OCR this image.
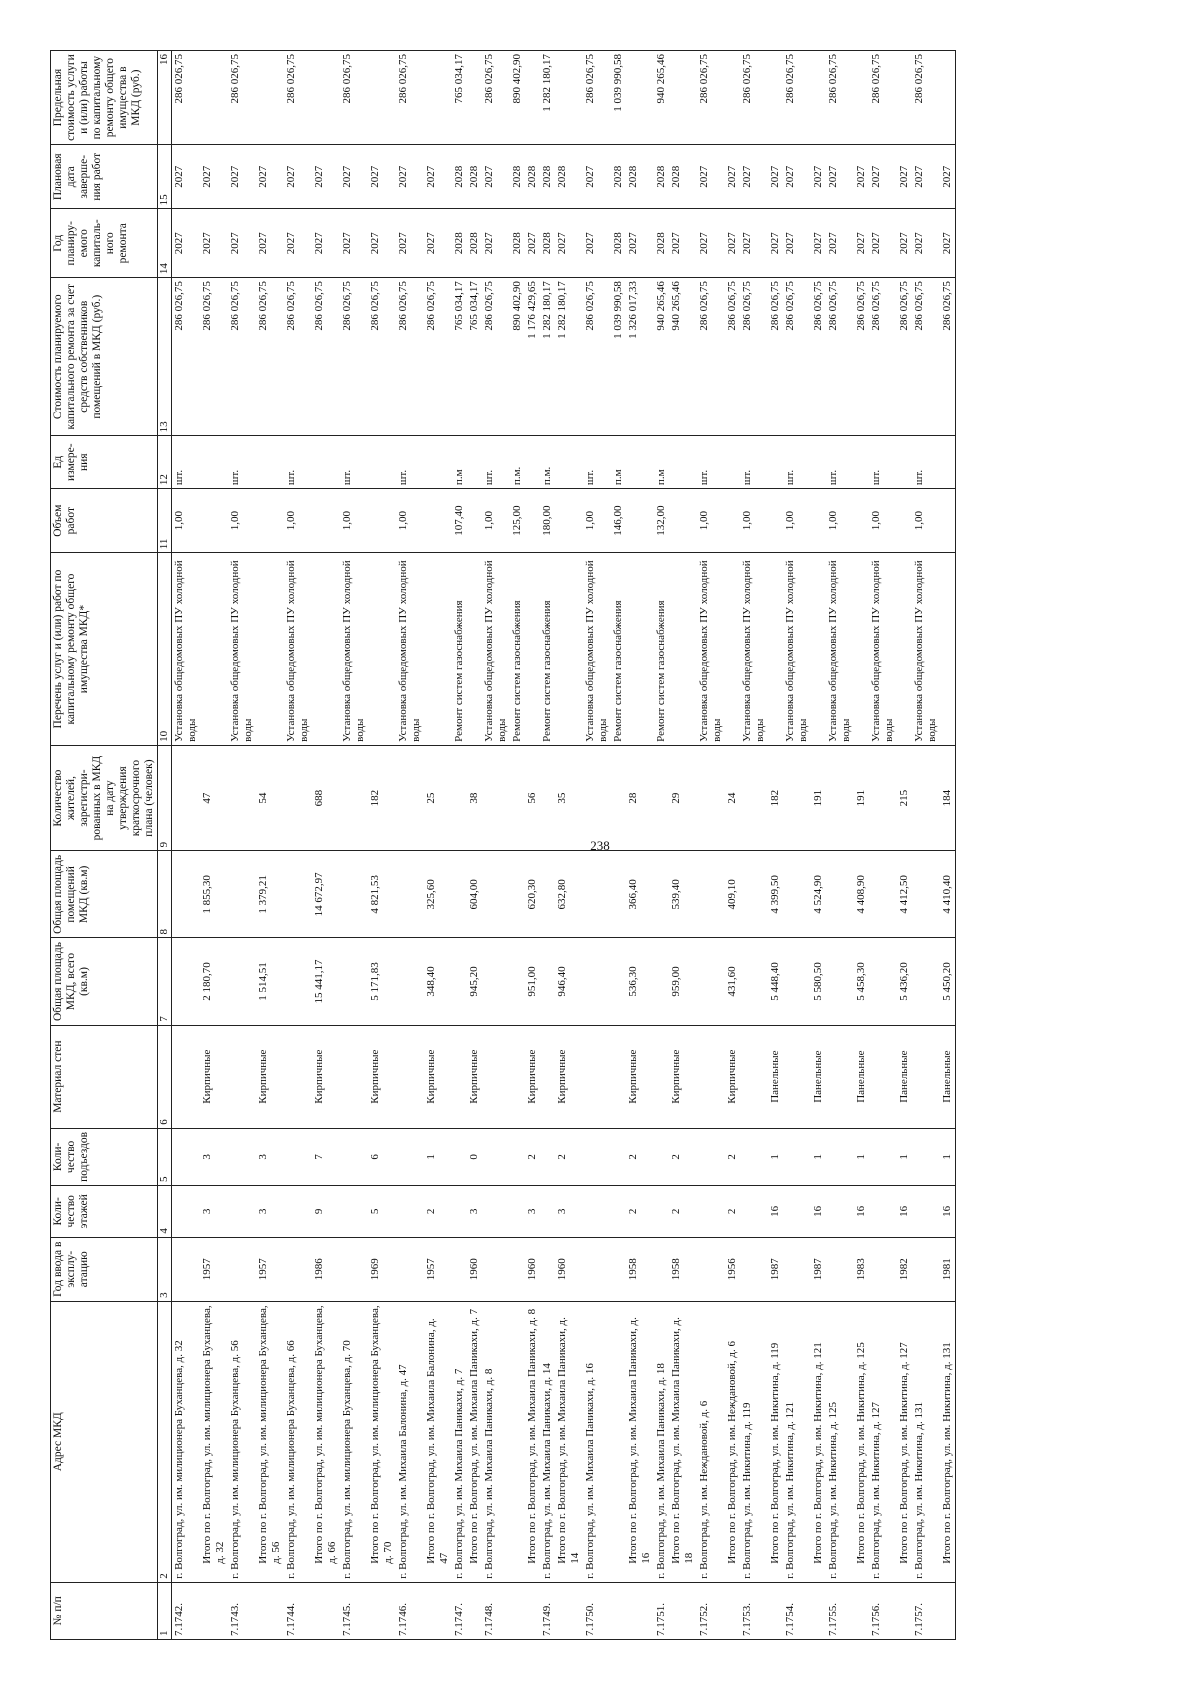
238
№ п/п	Адрес МКД	Год ввода в эксплу-атацию	Коли-чество этажей	Коли-чество подъездов	Материал стен	Общая площадь МКД, всего (кв.м)	Общая площадь помещений МКД (кв.м)	Количество жителей, зарегистри-рованных в МКД на дату утверждения краткосрочного плана (человек)	Перечень услуг и (или) работ по капитальному ремонту общего имущества МКД*	Объем работ	Ед измере-ния	Стоимость планируемого капитального ремонта за счет средств собственников помещений в МКД (руб.)	Год планиру-емого капиталь-ного ремонта	Плановая дата заверше-ния работ	Предельная стоимость услуги и (или) работы по капитальному ремонту общего имущества в МКД (руб.)
1	2	3	4	5	6	7	8	9	10	11	12	13	14	15	16
7.1742.	г. Волгоград, ул. им. милиционера Буханцева, д. 32								Установка общедомовых ПУ холодной воды	1,00	шт.	286 026,75	2027	2027	286 026,75
	Итого по г. Волгоград, ул. им. милиционера Буханцева, д. 32	1957	3	3	Кирпичные	2 180,70	1 855,30	47				286 026,75	2027	2027	
7.1743.	г. Волгоград, ул. им. милиционера Буханцева, д. 56								Установка общедомовых ПУ холодной воды	1,00	шт.	286 026,75	2027	2027	286 026,75
	Итого по г. Волгоград, ул. им. милиционера Буханцева, д. 56	1957	3	3	Кирпичные	1 514,51	1 379,21	54				286 026,75	2027	2027	
7.1744.	г. Волгоград, ул. им. милиционера Буханцева, д. 66								Установка общедомовых ПУ холодной воды	1,00	шт.	286 026,75	2027	2027	286 026,75
	Итого по г. Волгоград, ул. им. милиционера Буханцева, д. 66	1986	9	7	Кирпичные	15 441,17	14 672,97	688				286 026,75	2027	2027	
7.1745.	г. Волгоград, ул. им. милиционера Буханцева, д. 70								Установка общедомовых ПУ холодной воды	1,00	шт.	286 026,75	2027	2027	286 026,75
	Итого по г. Волгоград, ул. им. милиционера Буханцева, д. 70	1969	5	6	Кирпичные	5 171,83	4 821,53	182				286 026,75	2027	2027	
7.1746.	г. Волгоград, ул. им. Михаила Балонина, д. 47								Установка общедомовых ПУ холодной воды	1,00	шт.	286 026,75	2027	2027	286 026,75
	Итого по г. Волгоград, ул. им. Михаила Балонина, д. 47	1957	2	1	Кирпичные	348,40	325,60	25				286 026,75	2027	2027	
7.1747.	г. Волгоград, ул. им. Михаила Паникахи, д. 7								Ремонт систем газоснабжения	107,40	п.м	765 034,17	2028	2028	765 034,17
	Итого по г. Волгоград, ул. им. Михаила Паникахи, д. 7	1960	3	0	Кирпичные	945,20	604,00	38				765 034,17	2028	2028	
7.1748.	г. Волгоград, ул. им. Михаила Паникахи, д. 8								Установка общедомовых ПУ холодной воды	1,00	шт.	286 026,75	2027	2027	286 026,75
									Ремонт систем газоснабжения	125,00	п.м.	890 402,90	2028	2028	890 402,90
	Итого по г. Волгоград, ул. им. Михаила Паникахи, д. 8	1960	3	2	Кирпичные	951,00	620,30	56				1 176 429,65	2027	2028	
7.1749.	г. Волгоград, ул. им. Михаила Паникахи, д. 14								Ремонт систем газоснабжения	180,00	п.м.	1 282 180,17	2028	2028	1 282 180,17
	Итого по г. Волгоград, ул. им. Михаила Паникахи, д. 14	1960	3	2	Кирпичные	946,40	632,80	35				1 282 180,17	2027	2028	
7.1750.	г. Волгоград, ул. им. Михаила Паникахи, д. 16								Установка общедомовых ПУ холодной воды	1,00	шт.	286 026,75	2027	2027	286 026,75
									Ремонт систем газоснабжения	146,00	п.м	1 039 990,58	2028	2028	1 039 990,58
	Итого по г. Волгоград, ул. им. Михаила Паникахи, д. 16	1958	2	2	Кирпичные	536,30	366,40	28				1 326 017,33	2027	2028	
7.1751.	г. Волгоград, ул. им. Михаила Паникахи, д. 18								Ремонт систем газоснабжения	132,00	п.м	940 265,46	2028	2028	940 265,46
	Итого по г. Волгоград, ул. им. Михаила Паникахи, д. 18	1958	2	2	Кирпичные	959,00	539,40	29				940 265,46	2027	2028	
7.1752.	г. Волгоград, ул. им. Неждановой, д. 6								Установка общедомовых ПУ холодной воды	1,00	шт.	286 026,75	2027	2027	286 026,75
	Итого по г. Волгоград, ул. им. Неждановой, д. 6	1956	2	2	Кирпичные	431,60	409,10	24				286 026,75	2027	2027	
7.1753.	г. Волгоград, ул. им. Никитина, д. 119								Установка общедомовых ПУ холодной воды	1,00	шт.	286 026,75	2027	2027	286 026,75
	Итого по г. Волгоград, ул. им. Никитина, д. 119	1987	16	1	Панельные	5 448,40	4 399,50	182				286 026,75	2027	2027	
7.1754.	г. Волгоград, ул. им. Никитина, д. 121								Установка общедомовых ПУ холодной воды	1,00	шт.	286 026,75	2027	2027	286 026,75
	Итого по г. Волгоград, ул. им. Никитина, д. 121	1987	16	1	Панельные	5 580,50	4 524,90	191				286 026,75	2027	2027	
7.1755.	г. Волгоград, ул. им. Никитина, д. 125								Установка общедомовых ПУ холодной воды	1,00	шт.	286 026,75	2027	2027	286 026,75
	Итого по г. Волгоград, ул. им. Никитина, д. 125	1983	16	1	Панельные	5 458,30	4 408,90	191				286 026,75	2027	2027	
7.1756.	г. Волгоград, ул. им. Никитина, д. 127								Установка общедомовых ПУ холодной воды	1,00	шт.	286 026,75	2027	2027	286 026,75
	Итого по г. Волгоград, ул. им. Никитина, д. 127	1982	16	1	Панельные	5 436,20	4 412,50	215				286 026,75	2027	2027	
7.1757.	г. Волгоград, ул. им. Никитина, д. 131								Установка общедомовых ПУ холодной воды	1,00	шт.	286 026,75	2027	2027	286 026,75
	Итого по г. Волгоград, ул. им. Никитина, д. 131	1981	16	1	Панельные	5 450,20	4 410,40	184				286 026,75	2027	2027	
